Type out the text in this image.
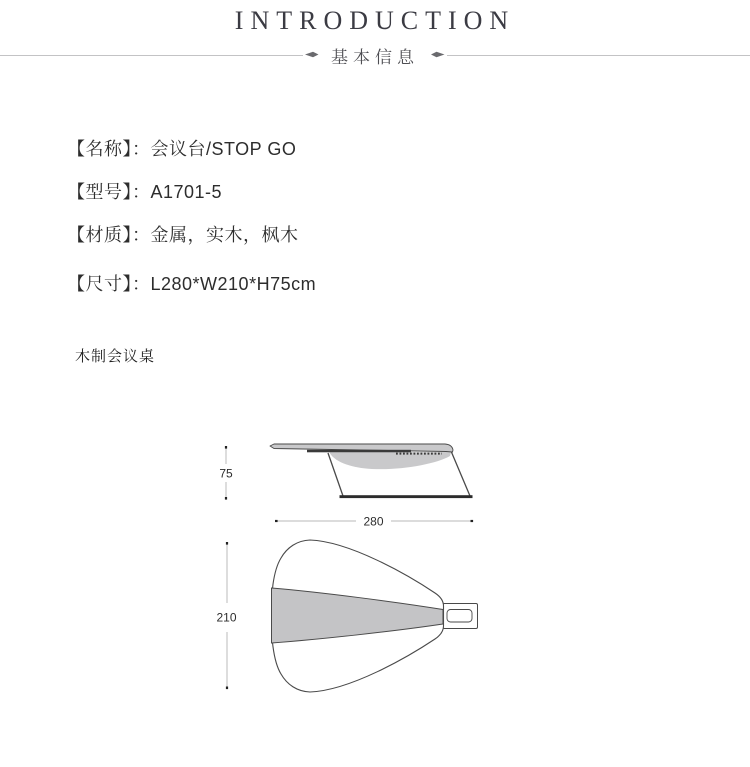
INTRODUCTION
基本信息
【名称】：会议台/STOP GO
【型号】：A1701-5
【材质】：金属，实木，枫木
【尺寸】：L280*W210*H75cm
木制会议桌
75
280
210
